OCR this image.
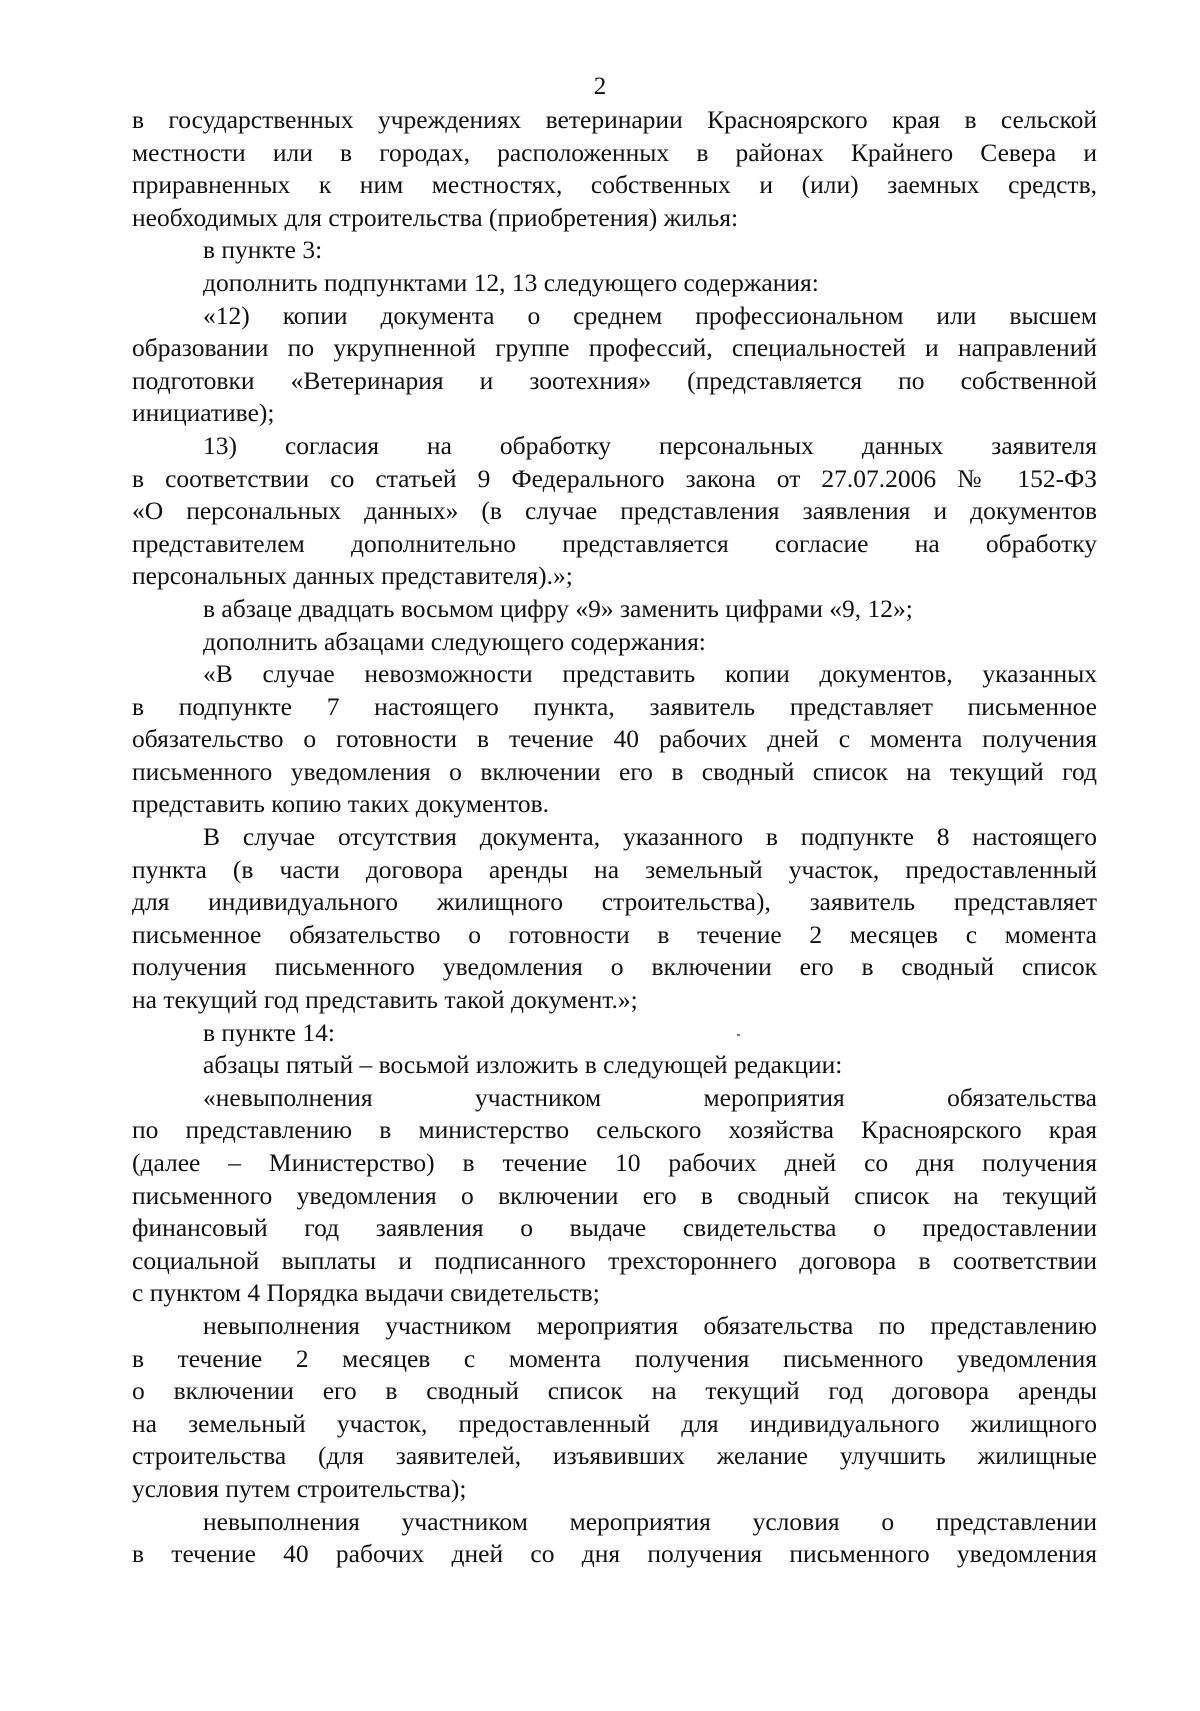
2
в государственных учреждениях ветеринарии Красноярского края в сельской
местности или в городах, расположенных в районах Крайнего Севера и
приравненных к ним местностях, собственных и (или) заемных средств,
необходимых для строительства (приобретения) жилья:
в пункте 3:
дополнить подпунктами 12, 13 следующего содержания:
«12) копии документа о среднем профессиональном или высшем
образовании по укрупненной группе профессий, специальностей и направлений
подготовки «Ветеринария и зоотехния» (представляется по собственной
инициативе);
13) согласия на обработку персональных данных заявителя
в соответствии со статьей 9 Федерального закона от 27.07.2006 № 152-ФЗ
«О персональных данных» (в случае представления заявления и документов
представителем дополнительно представляется согласие на обработку
персональных данных представителя).»;
в абзаце двадцать восьмом цифру «9» заменить цифрами «9, 12»;
дополнить абзацами следующего содержания:
«В случае невозможности представить копии документов, указанных
в подпункте 7 настоящего пункта, заявитель представляет письменное
обязательство о готовности в течение 40 рабочих дней с момента получения
письменного уведомления о включении его в сводный список на текущий год
представить копию таких документов.
В случае отсутствия документа, указанного в подпункте 8 настоящего
пункта (в части договора аренды на земельный участок, предоставленный
для индивидуального жилищного строительства), заявитель представляет
письменное обязательство о готовности в течение 2 месяцев с момента
получения письменного уведомления о включении его в сводный список
на текущий год представить такой документ.»;
в пункте 14:
абзацы пятый – восьмой изложить в следующей редакции:
«невыполнения участником мероприятия обязательства
по представлению в министерство сельского хозяйства Красноярского края
(далее – Министерство) в течение 10 рабочих дней со дня получения
письменного уведомления о включении его в сводный список на текущий
финансовый год заявления о выдаче свидетельства о предоставлении
социальной выплаты и подписанного трехстороннего договора в соответствии
с пунктом 4 Порядка выдачи свидетельств;
невыполнения участником мероприятия обязательства по представлению
в течение 2 месяцев с момента получения письменного уведомления
о включении его в сводный список на текущий год договора аренды
на земельный участок, предоставленный для индивидуального жилищного
строительства (для заявителей, изъявивших желание улучшить жилищные
условия путем строительства);
невыполнения участником мероприятия условия о представлении
в течение 40 рабочих дней со дня получения письменного уведомления
